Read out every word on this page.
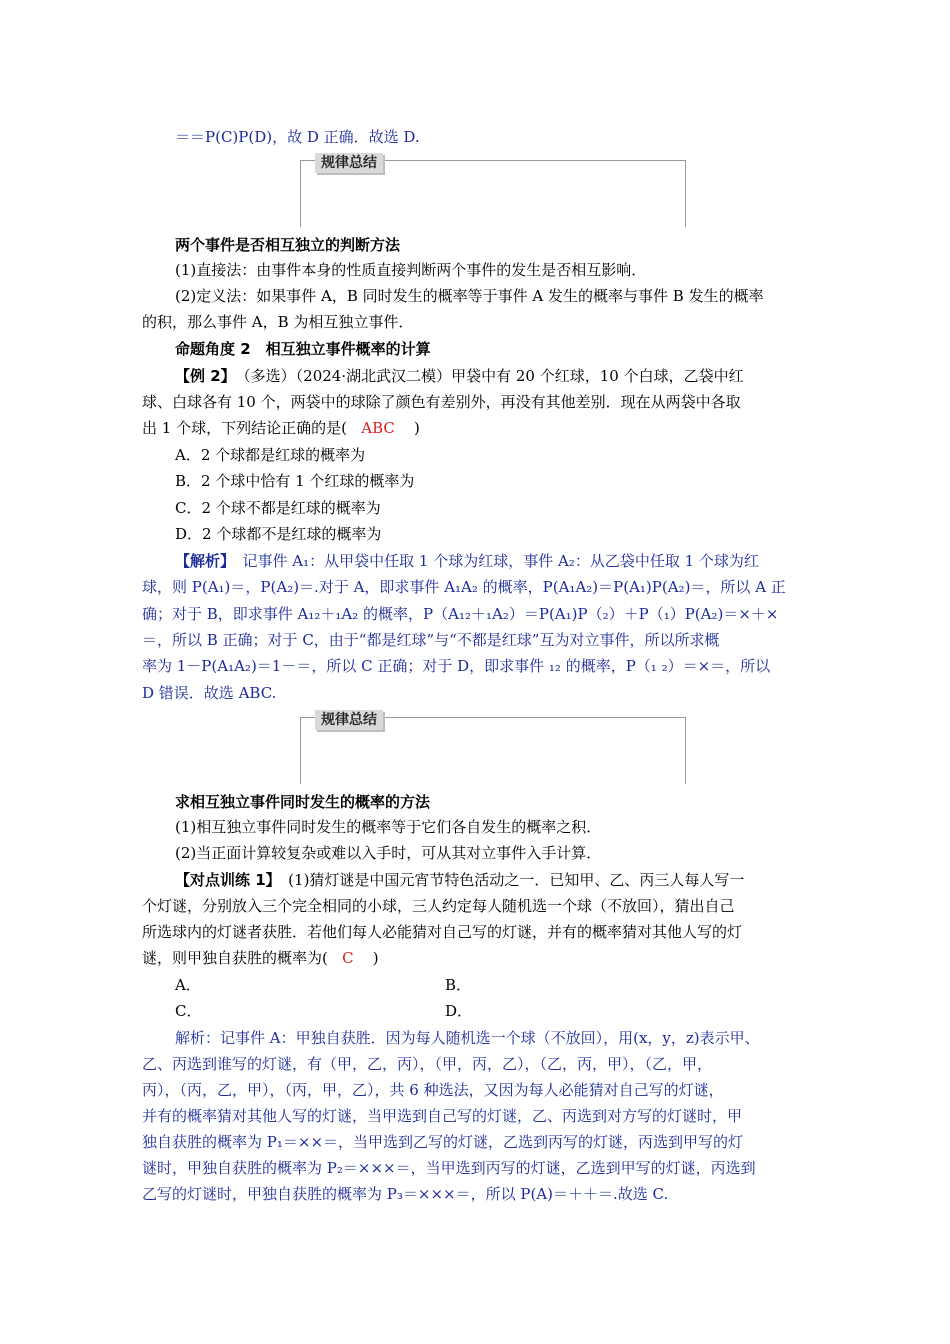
＝＝P(C)P(D)，故 D 正确．故选 D.
规律总结
两个事件是否相互独立的判断方法
(1)直接法：由事件本身的性质直接判断两个事件的发生是否相互影响．
(2)定义法：如果事件 A，B 同时发生的概率等于事件 A 发生的概率与事件 B 发生的概率
的积，那么事件 A，B 为相互独立事件．
命题角度 2　相互独立事件概率的计算
【例 2】　（多选）（2024·湖北武汉二模）甲袋中有 20 个红球，10 个白球，乙袋中红
球、白球各有 10 个，两袋中的球除了颜色有差别外，再没有其他差别．现在从两袋中各取
出 1 个球，下列结论正确的是( ABC )
A．2 个球都是红球的概率为
B．2 个球中恰有 1 个红球的概率为
C．2 个球不都是红球的概率为
D．2 个球都不是红球的概率为
【解析】　记事件 A₁：从甲袋中任取 1 个球为红球，事件 A₂：从乙袋中任取 1 个球为红
球，则 P(A₁)＝，P(A₂)＝.对于 A，即求事件 A₁A₂ 的概率，P(A₁A₂)＝P(A₁)P(A₂)＝，所以 A 正
确；对于 B，即求事件 A₁₂＋₁A₂ 的概率，P（A₁₂＋₁A₂）＝P(A₁)P（₂）＋P（₁）P(A₂)＝×＋×
＝，所以 B 正确；对于 C，由于“都是红球”与“不都是红球”互为对立事件，所以所求概
率为 1－P(A₁A₂)＝1－＝，所以 C 正确；对于 D，即求事件 ₁₂ 的概率，P（₁ ₂）＝×＝，所以
D 错误．故选 ABC.
规律总结
求相互独立事件同时发生的概率的方法
(1)相互独立事件同时发生的概率等于它们各自发生的概率之积．
(2)当正面计算较复杂或难以入手时，可从其对立事件入手计算．
【对点训练 1】　(1)猜灯谜是中国元宵节特色活动之一．已知甲、乙、丙三人每人写一
个灯谜，分别放入三个完全相同的小球，三人约定每人随机选一个球（不放回），猜出自己
所选球内的灯谜者获胜．若他们每人必能猜对自己写的灯谜，并有的概率猜对其他人写的灯
谜，则甲独自获胜的概率为( C )
A．	B．
C．	D．
解析：记事件 A：甲独自获胜．因为每人随机选一个球（不放回），用(x，y，z)表示甲、
乙、丙选到谁写的灯谜，有（甲，乙，丙），（甲，丙，乙），（乙，丙，甲），（乙，甲，
丙），（丙，乙，甲），（丙，甲，乙），共 6 种选法，又因为每人必能猜对自己写的灯谜，
并有的概率猜对其他人写的灯谜，当甲选到自己写的灯谜，乙、丙选到对方写的灯谜时，甲
独自获胜的概率为 P₁＝××＝，当甲选到乙写的灯谜，乙选到丙写的灯谜，丙选到甲写的灯
谜时，甲独自获胜的概率为 P₂＝×××＝，当甲选到丙写的灯谜，乙选到甲写的灯谜，丙选到
乙写的灯谜时，甲独自获胜的概率为 P₃＝×××＝，所以 P(A)＝＋＋＝.故选 C.
